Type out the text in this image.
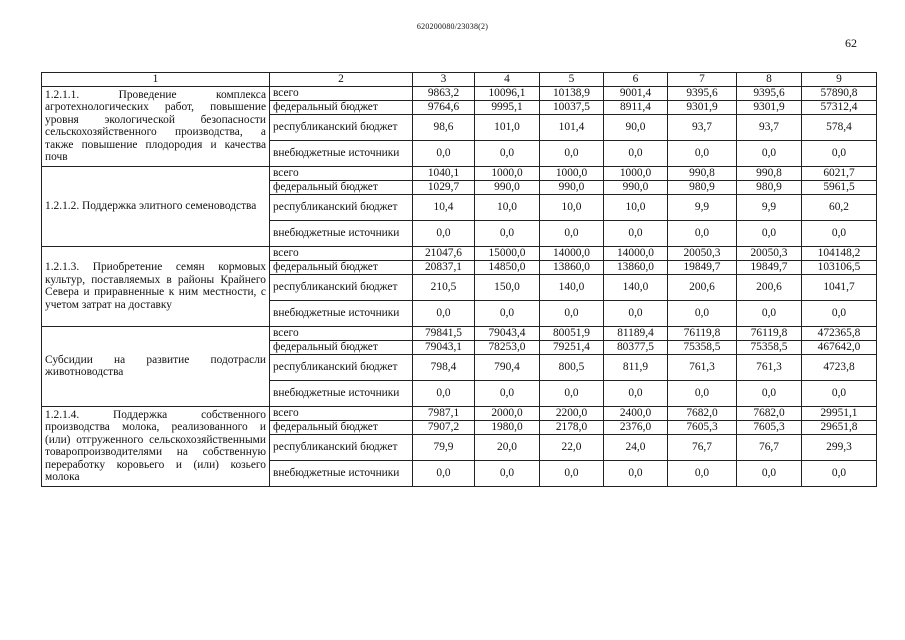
620200080/23038(2)
62
1	2	3	4	5	6	7	8	9
1.2.1.1. Проведение комплекса агротехнологических работ, повышение уровня экологической безопасности сельскохозяйственного производства, а также повышение плодородия и качества почв	всего	9863,2	10096,1	10138,9	9001,4	9395,6	9395,6	57890,8
	федеральный бюджет	9764,6	9995,1	10037,5	8911,4	9301,9	9301,9	57312,4
	республиканский бюджет	98,6	101,0	101,4	90,0	93,7	93,7	578,4
	внебюджетные источники	0,0	0,0	0,0	0,0	0,0	0,0	0,0
1.2.1.2. Поддержка элитного семеноводства	всего	1040,1	1000,0	1000,0	1000,0	990,8	990,8	6021,7
	федеральный бюджет	1029,7	990,0	990,0	990,0	980,9	980,9	5961,5
	республиканский бюджет	10,4	10,0	10,0	10,0	9,9	9,9	60,2
	внебюджетные источники	0,0	0,0	0,0	0,0	0,0	0,0	0,0
1.2.1.3. Приобретение семян кормовых культур, поставляемых в районы Крайнего Севера и приравненные к ним местности, с учетом затрат на доставку	всего	21047,6	15000,0	14000,0	14000,0	20050,3	20050,3	104148,2
	федеральный бюджет	20837,1	14850,0	13860,0	13860,0	19849,7	19849,7	103106,5
	республиканский бюджет	210,5	150,0	140,0	140,0	200,6	200,6	1041,7
	внебюджетные источники	0,0	0,0	0,0	0,0	0,0	0,0	0,0
Субсидии на развитие подотрасли животноводства	всего	79841,5	79043,4	80051,9	81189,4	76119,8	76119,8	472365,8
	федеральный бюджет	79043,1	78253,0	79251,4	80377,5	75358,5	75358,5	467642,0
	республиканский бюджет	798,4	790,4	800,5	811,9	761,3	761,3	4723,8
	внебюджетные источники	0,0	0,0	0,0	0,0	0,0	0,0	0,0
1.2.1.4. Поддержка собственного производства молока, реализованного и (или) отгруженного сельскохозяйственными товаропроизводителями на собственную переработку коровьего и (или) козьего молока	всего	7987,1	2000,0	2200,0	2400,0	7682,0	7682,0	29951,1
	федеральный бюджет	7907,2	1980,0	2178,0	2376,0	7605,3	7605,3	29651,8
	республиканский бюджет	79,9	20,0	22,0	24,0	76,7	76,7	299,3
	внебюджетные источники	0,0	0,0	0,0	0,0	0,0	0,0	0,0
